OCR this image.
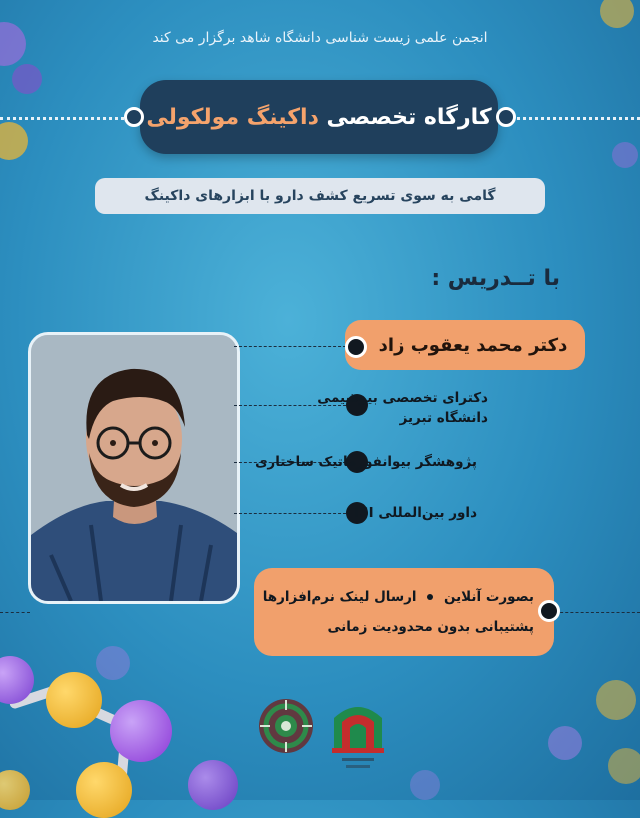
انجمن علمی زیست شناسی دانشگاه شاهد برگزار می کند
کارگاه تخصصی داکینگ مولکولی
گامی به سوی تسریع کشف دارو با ابزارهای داکینگ
با تــدریس :
دکتر محمد یعقوب زاد
دکترای تخصصی بیوشیمی
دانشگاه تبریز
پژوهشگر بیوانفورماتیک ساختاری
داور بین‌المللی ISI
بصورت آنلاین  ارسال لینک نرم‌افزارها
پشتیبانی بدون محدودیت زمانی
